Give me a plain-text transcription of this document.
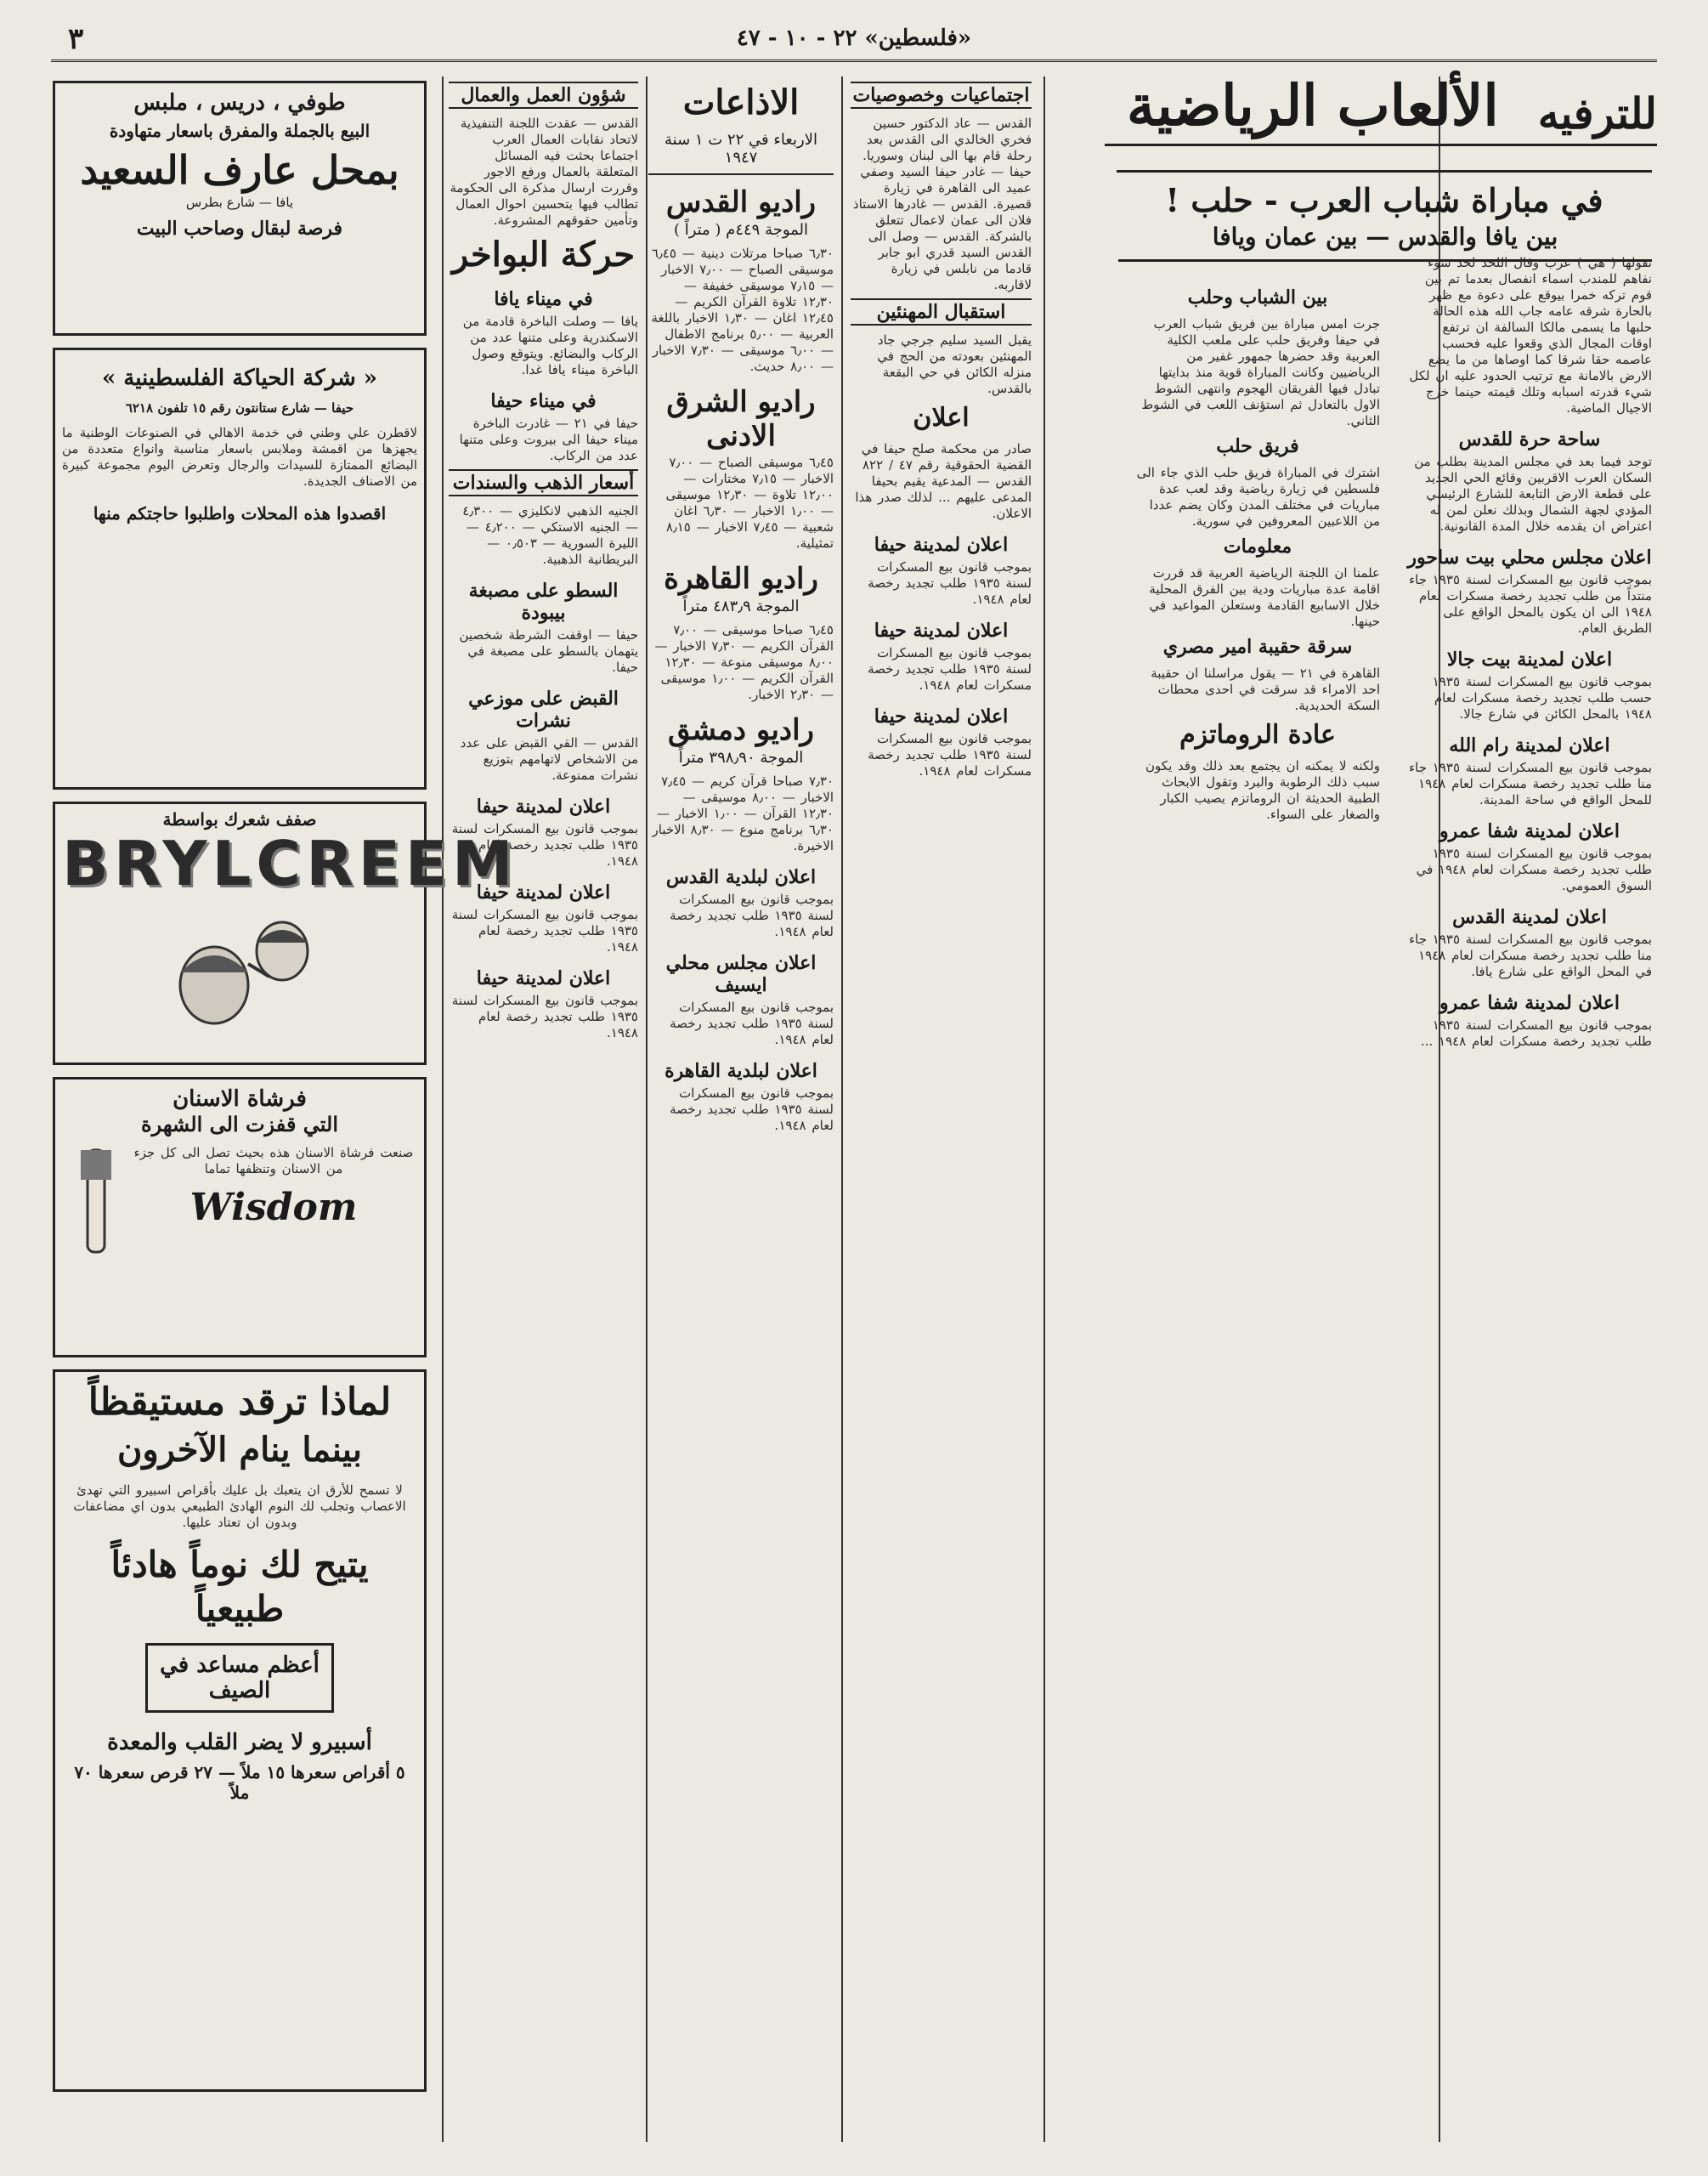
٣	«فلسطين» ٢٢ - ١٠ - ٤٧
للترفيه
الألعاب الرياضية
في مباراة شباب العرب - حلب !
بين يافا والقدس — بين عمان ويافا
تقولها ( هي ) عرب وقال اللحد لحد سوء نفاهم للمندب اسماء انفصال بعدما تم بين قوم تركه خمرا بيوقع على دعوة مع ظهر بالحارة شرقه عامه جاب الله هذه الحالة حلبها ما يسمى مالكا السالفة ان ترتفع اوقات المجال الذي وقعوا عليه فحسب عاصمه حقا شرقا كما اوصاها من ما يضع الارض بالامانة مع ترتيب الحدود عليه ان لكل شيء قدرته اسبابه وتلك قيمته حينما خرج الاجيال الماضية.
ساحة حرة للقدس
توجد فيما بعد في مجلس المدينة بطلب من السكان العرب الاقربين وقائع الحي الجديد على قطعة الارض التابعة للشارع الرئيسي المؤدي لجهة الشمال وبذلك نعلن لمن له اعتراض ان يقدمه خلال المدة القانونية.
اعلان مجلس محلي بيت ساحور
بموجب قانون بيع المسكرات لسنة ١٩٣٥ جاء منتداً من طلب تجديد رخصة مسكرات لعام ١٩٤٨ الى ان يكون بالمحل الواقع على الطريق العام.
اعلان لمدينة بيت جالا
بموجب قانون بيع المسكرات لسنة ١٩٣٥ حسب طلب تجديد رخصة مسكرات لعام ١٩٤٨ بالمحل الكائن في شارع جالا.
اعلان لمدينة رام الله
بموجب قانون بيع المسكرات لسنة ١٩٣٥ جاء منا طلب تجديد رخصة مسكرات لعام ١٩٤٨ للمحل الواقع في ساحة المدينة.
اعلان لمدينة شفا عمرو
بموجب قانون بيع المسكرات لسنة ١٩٣٥ طلب تجديد رخصة مسكرات لعام ١٩٤٨ في السوق العمومي.
اعلان لمدينة القدس
بموجب قانون بيع المسكرات لسنة ١٩٣٥ جاء منا طلب تجديد رخصة مسكرات لعام ١٩٤٨ في المحل الواقع على شارع يافا.
اعلان لمدينة شفا عمرو
بموجب قانون بيع المسكرات لسنة ١٩٣٥ طلب تجديد رخصة مسكرات لعام ١٩٤٨ ...
بين الشباب وحلب
جرت امس مباراة بين فريق شباب العرب في حيفا وفريق حلب على ملعب الكلية العربية وقد حضرها جمهور غفير من الرياضيين وكانت المباراة قوية منذ بدايتها تبادل فيها الفريقان الهجوم وانتهى الشوط الاول بالتعادل ثم استؤنف اللعب في الشوط الثاني.
فريق حلب
اشترك في المباراة فريق حلب الذي جاء الى فلسطين في زيارة رياضية وقد لعب عدة مباريات في مختلف المدن وكان يضم عددا من اللاعبين المعروفين في سورية.
معلومات
علمنا ان اللجنة الرياضية العربية قد قررت اقامة عدة مباريات ودية بين الفرق المحلية خلال الاسابيع القادمة وستعلن المواعيد في حينها.
سرقة حقيبة امير مصري
القاهرة في ٢١ — يقول مراسلنا ان حقيبة احد الامراء قد سرقت في احدى محطات السكة الحديدية.
عادة الروماتزم
ولكنه لا يمكنه ان يجتمع بعد ذلك وقد يكون سبب ذلك الرطوبة والبرد وتقول الابحاث الطبية الحديثة ان الروماتزم يصيب الكبار والصغار على السواء.
اجتماعيات وخصوصيات
القدس — عاد الدكتور حسين فخري الخالدي الى القدس بعد رحلة قام بها الى لبنان وسوريا. حيفا — غادر حيفا السيد وصفي عميد الى القاهرة في زيارة قصيرة. القدس — غادرها الاستاذ فلان الى عمان لاعمال تتعلق بالشركة. القدس — وصل الى القدس السيد قدري ابو جابر قادما من نابلس في زيارة لاقاربه.
استقبال المهنئين
يقبل السيد سليم جرجي جاد المهنئين بعودته من الحج في منزله الكائن في حي البقعة بالقدس.
اعلان
صادر من محكمة صلح حيفا في القضية الحقوقية رقم ٤٧ / ٨٢٢ القدس — المدعية يقيم بحيفا المدعى عليهم ... لذلك صدر هذا الاعلان.
اعلان لمدينة حيفا
بموجب قانون بيع المسكرات لسنة ١٩٣٥ طلب تجديد رخصة لعام ١٩٤٨.
اعلان لمدينة حيفا
بموجب قانون بيع المسكرات لسنة ١٩٣٥ طلب تجديد رخصة مسكرات لعام ١٩٤٨.
اعلان لمدينة حيفا
بموجب قانون بيع المسكرات لسنة ١٩٣٥ طلب تجديد رخصة مسكرات لعام ١٩٤٨.
الاذاعات
الاربعاء في ٢٢ ت ١ سنة ١٩٤٧
راديو القدس
الموجة ٤٤٩م ( متراً )
٦٫٣٠ صباحا مرتلات دينية — ٦٫٤٥ موسيقى الصباح — ٧٫٠٠ الاخبار — ٧٫١٥ موسيقى خفيفة — ١٢٫٣٠ تلاوة القرآن الكريم — ١٢٫٤٥ اغان — ١٫٣٠ الاخبار باللغة العربية — ٥٫٠٠ برنامج الاطفال — ٦٫٠٠ موسيقى — ٧٫٣٠ الاخبار — ٨٫٠٠ حديث.
راديو الشرق الادنى
٦٫٤٥ موسيقى الصباح — ٧٫٠٠ الاخبار — ٧٫١٥ مختارات — ١٢٫٠٠ تلاوة — ١٢٫٣٠ موسيقى — ١٫٠٠ الاخبار — ٦٫٣٠ اغان شعبية — ٧٫٤٥ الاخبار — ٨٫١٥ تمثيلية.
راديو القاهرة
الموجة ٤٨٣٫٩ متراً
٦٫٤٥ صباحا موسيقى — ٧٫٠٠ القرآن الكريم — ٧٫٣٠ الاخبار — ٨٫٠٠ موسيقى منوعة — ١٢٫٣٠ القرآن الكريم — ١٫٠٠ موسيقى — ٢٫٣٠ الاخبار.
راديو دمشق
الموجة ٣٩٨٫٩٠ متراً
٧٫٣٠ صباحا قرآن كريم — ٧٫٤٥ الاخبار — ٨٫٠٠ موسيقى — ١٢٫٣٠ القرآن — ١٫٠٠ الاخبار — ٦٫٣٠ برنامج منوع — ٨٫٣٠ الاخبار الاخيرة.
اعلان لبلدية القدس
بموجب قانون بيع المسكرات لسنة ١٩٣٥ طلب تجديد رخصة لعام ١٩٤٨.
اعلان مجلس محلي ايسيف
بموجب قانون بيع المسكرات لسنة ١٩٣٥ طلب تجديد رخصة لعام ١٩٤٨.
اعلان لبلدية القاهرة
بموجب قانون بيع المسكرات لسنة ١٩٣٥ طلب تجديد رخصة لعام ١٩٤٨.
شؤون العمل والعمال
القدس — عقدت اللجنة التنفيذية لاتحاد نقابات العمال العرب اجتماعا بحثت فيه المسائل المتعلقة بالعمال ورفع الاجور وقررت ارسال مذكرة الى الحكومة تطالب فيها بتحسين احوال العمال وتأمين حقوقهم المشروعة.
حركة البواخر
في ميناء يافا
يافا — وصلت الباخرة قادمة من الاسكندرية وعلى متنها عدد من الركاب والبضائع. ويتوقع وصول الباخرة ميناء يافا غدا.
في ميناء حيفا
حيفا في ٢١ — غادرت الباخرة ميناء حيفا الى بيروت وعلى متنها عدد من الركاب.
أسعار الذهب والسندات
الجنيه الذهبي لانكليزي — ٤٫٣٠٠ — الجنيه الاستكي — ٤٫٢٠٠ — الليرة السورية — ٠٫٥٠٣ — البريطانية الذهبية.
السطو على مصبغة بيبودة
حيفا — اوقفت الشرطة شخصين يتهمان بالسطو على مصبغة في حيفا.
القبض على موزعي نشرات
القدس — القي القبض على عدد من الاشخاص لاتهامهم بتوزيع نشرات ممنوعة.
اعلان لمدينة حيفا
بموجب قانون بيع المسكرات لسنة ١٩٣٥ طلب تجديد رخصة لعام ١٩٤٨.
اعلان لمدينة حيفا
بموجب قانون بيع المسكرات لسنة ١٩٣٥ طلب تجديد رخصة لعام ١٩٤٨.
اعلان لمدينة حيفا
بموجب قانون بيع المسكرات لسنة ١٩٣٥ طلب تجديد رخصة لعام ١٩٤٨.
طوفي ، دريس ، ملبس
البيع بالجملة والمفرق باسعار متهاودة
بمحل عارف السعيد
يافا — شارع بطرس
فرصة لبقال وصاحب البيت
« شركة الحياكة الفلسطينية »
حيفا — شارع ستانتون رقم ١٥ تلفون ٦٢١٨
لاقطرن علي وطني في خدمة الاهالي في الصنوعات الوطنية ما يجهزها من اقمشة وملابس باسعار مناسبة وانواع متعددة من البضائع الممتازة للسيدات والرجال وتعرض اليوم مجموعة كبيرة من الاصناف الجديدة.
اقصدوا هذه المحلات واطلبوا حاجتكم منها
صفف شعرك بواسطة
BRYLCREEM
فرشاة الاسنان
التي قفزت الى الشهرة
صنعت فرشاة الاسنان هذه بحيث تصل الى كل جزء من الاسنان وتنظفها تماما
Wisdom
لماذا ترقد مستيقظاً
بينما ينام الآخرون
لا تسمح للأرق ان يتعبك بل عليك بأقراص اسبيرو التي تهدئ الاعصاب وتجلب لك النوم الهادئ الطبيعي بدون اي مضاعفات وبدون ان تعتاد عليها.
يتيح لك نوماً هادئاً طبيعياً
أعظم مساعد في الصيف
أسبيرو لا يضر القلب والمعدة
٥ أقراص سعرها ١٥ ملاً — ٢٧ قرص سعرها ٧٠ ملاً
